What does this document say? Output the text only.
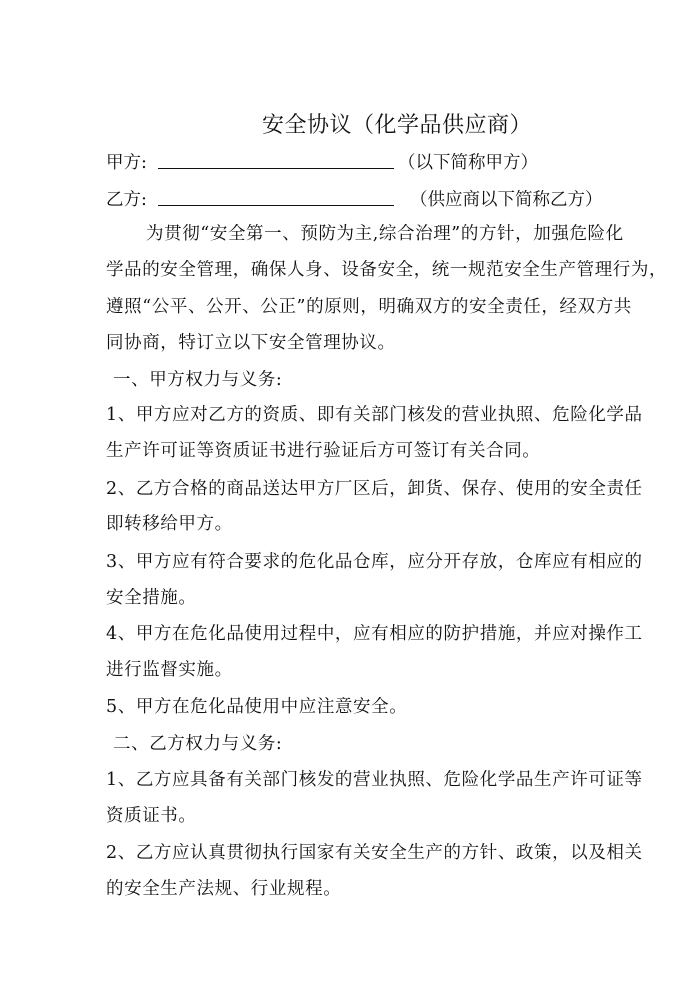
安全协议（化学品供应商）
甲方:	（以下简称甲方）
乙方:	（供应商以下简称乙方）
为贯彻“安全第一、预防为主,综合治理”的方针，加强危险化
学品的安全管理，确保人身、设备安全，统一规范安全生产管理行为，
遵照“公平、公开、公正”的原则，明确双方的安全责任，经双方共
同协商，特订立以下安全管理协议。
一、甲方权力与义务:
1、甲方应对乙方的资质、即有关部门核发的营业执照、危险化学品
生产许可证等资质证书进行验证后方可签订有关合同。
2、乙方合格的商品送达甲方厂区后，卸货、保存、使用的安全责任
即转移给甲方。
3、甲方应有符合要求的危化品仓库，应分开存放，仓库应有相应的
安全措施。
4、甲方在危化品使用过程中，应有相应的防护措施，并应对操作工
进行监督实施。
5、甲方在危化品使用中应注意安全。
二、乙方权力与义务:
1、乙方应具备有关部门核发的营业执照、危险化学品生产许可证等
资质证书。
2、乙方应认真贯彻执行国家有关安全生产的方针、政策，以及相关
的安全生产法规、行业规程。
